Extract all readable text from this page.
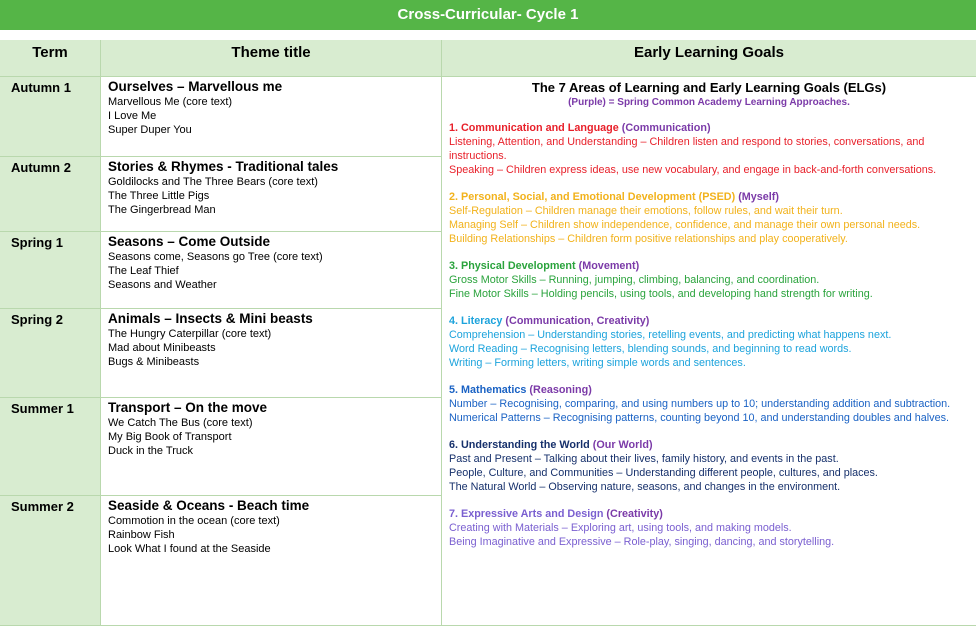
Cross-Curricular- Cycle 1
Term	Theme title	Early Learning Goals
Autumn 1	Ourselves – Marvellous me
Marvellous Me (core text)
I Love Me
Super Duper You
Autumn 2	Stories & Rhymes - Traditional tales
Goldilocks and The Three Bears (core text)
The Three Little Pigs
The Gingerbread Man
Spring 1	Seasons – Come Outside
Seasons come, Seasons go Tree (core text)
The Leaf Thief
Seasons and Weather
Spring 2	Animals – Insects & Mini beasts
The Hungry Caterpillar (core text)
Mad about Minibeasts
Bugs & Minibeasts
Summer 1	Transport – On the move
We Catch The Bus (core text)
My Big Book of Transport
Duck in the Truck
Summer 2	Seaside & Oceans - Beach time
Commotion in the ocean (core text)
Rainbow Fish
Look What I found at the Seaside
The 7 Areas of Learning and Early Learning Goals (ELGs)
(Purple) = Spring Common Academy Learning Approaches.
1. Communication and Language (Communication)
Listening, Attention, and Understanding – Children listen and respond to stories, conversations, and instructions.
Speaking – Children express ideas, use new vocabulary, and engage in back-and-forth conversations.
2. Personal, Social, and Emotional Development (PSED) (Myself)
Self-Regulation – Children manage their emotions, follow rules, and wait their turn.
Managing Self – Children show independence, confidence, and manage their own personal needs.
Building Relationships – Children form positive relationships and play cooperatively.
3. Physical Development (Movement)
Gross Motor Skills – Running, jumping, climbing, balancing, and coordination.
Fine Motor Skills – Holding pencils, using tools, and developing hand strength for writing.
4. Literacy (Communication, Creativity)
Comprehension – Understanding stories, retelling events, and predicting what happens next.
Word Reading – Recognising letters, blending sounds, and beginning to read words.
Writing – Forming letters, writing simple words and sentences.
5. Mathematics (Reasoning)
Number – Recognising, comparing, and using numbers up to 10; understanding addition and subtraction.
Numerical Patterns – Recognising patterns, counting beyond 10, and understanding doubles and halves.
6. Understanding the World (Our World)
Past and Present – Talking about their lives, family history, and events in the past.
People, Culture, and Communities – Understanding different people, cultures, and places.
The Natural World – Observing nature, seasons, and changes in the environment.
7. Expressive Arts and Design (Creativity)
Creating with Materials – Exploring art, using tools, and making models.
Being Imaginative and Expressive – Role-play, singing, dancing, and storytelling.
